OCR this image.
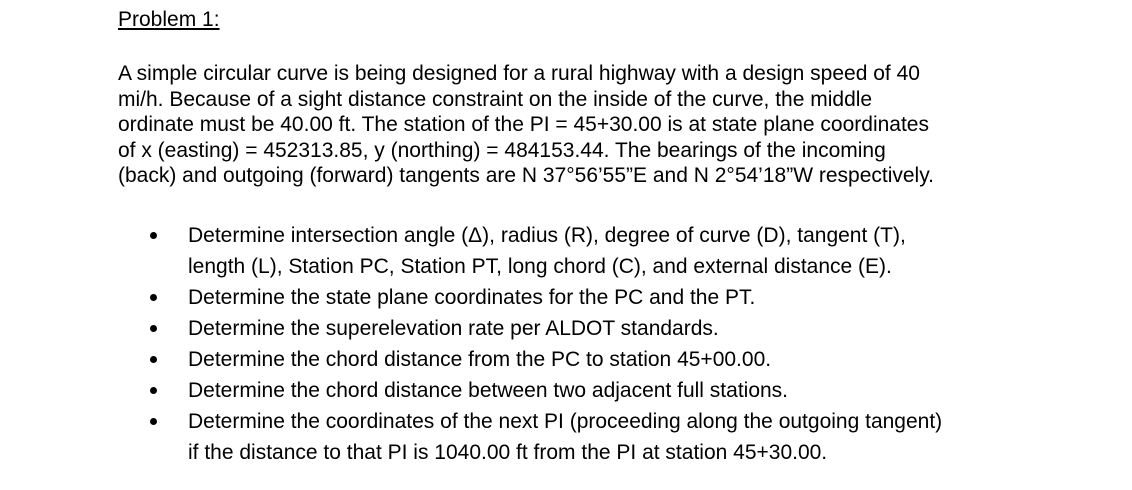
Problem 1:
A simple circular curve is being designed for a rural highway with a design speed of 40
mi/h. Because of a sight distance constraint on the inside of the curve, the middle
ordinate must be 40.00 ft. The station of the PI = 45+30.00 is at state plane coordinates
of x (easting) = 452313.85, y (northing) = 484153.44. The bearings of the incoming
(back) and outgoing (forward) tangents are N 37°56’55”E and N 2°54’18”W respectively.
Determine intersection angle (Δ), radius (R), degree of curve (D), tangent (T),
length (L), Station PC, Station PT, long chord (C), and external distance (E).
Determine the state plane coordinates for the PC and the PT.
Determine the superelevation rate per ALDOT standards.
Determine the chord distance from the PC to station 45+00.00.
Determine the chord distance between two adjacent full stations.
Determine the coordinates of the next PI (proceeding along the outgoing tangent)
if the distance to that PI is 1040.00 ft from the PI at station 45+30.00.
